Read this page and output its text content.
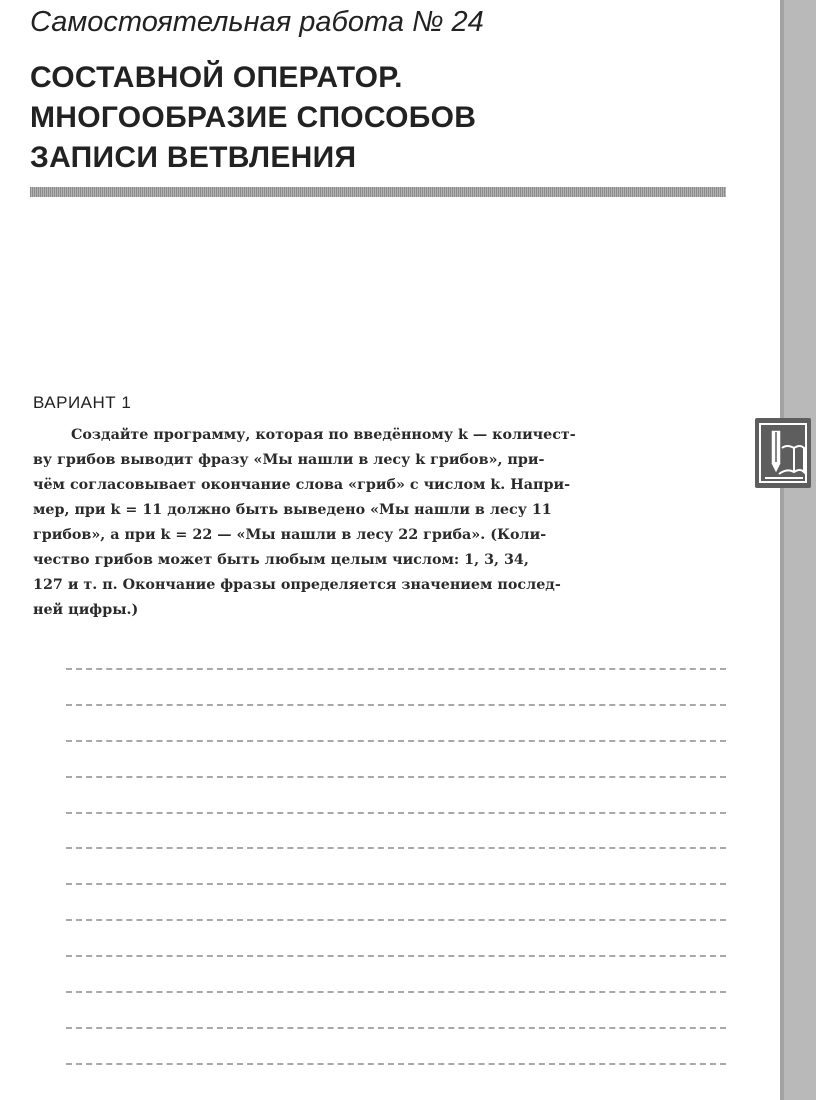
Самостоятельная работа № 24
СОСТАВНОЙ ОПЕРАТОР.
МНОГООБРАЗИЕ СПОСОБОВ
ЗАПИСИ ВЕТВЛЕНИЯ
ВАРИАНТ 1
Создайте программу, которая по введённому k — количест-
ву грибов выводит фразу «Мы нашли в лесу k грибов», при-
чём согласовывает окончание слова «гриб» с числом k. Напри-
мер, при k = 11 должно быть выведено «Мы нашли в лесу 11
грибов», а при k = 22 — «Мы нашли в лесу 22 гриба». (Коли-
чество грибов может быть любым целым числом: 1, 3, 34,
127 и т. п. Окончание фразы определяется значением послед-
ней цифры.)
